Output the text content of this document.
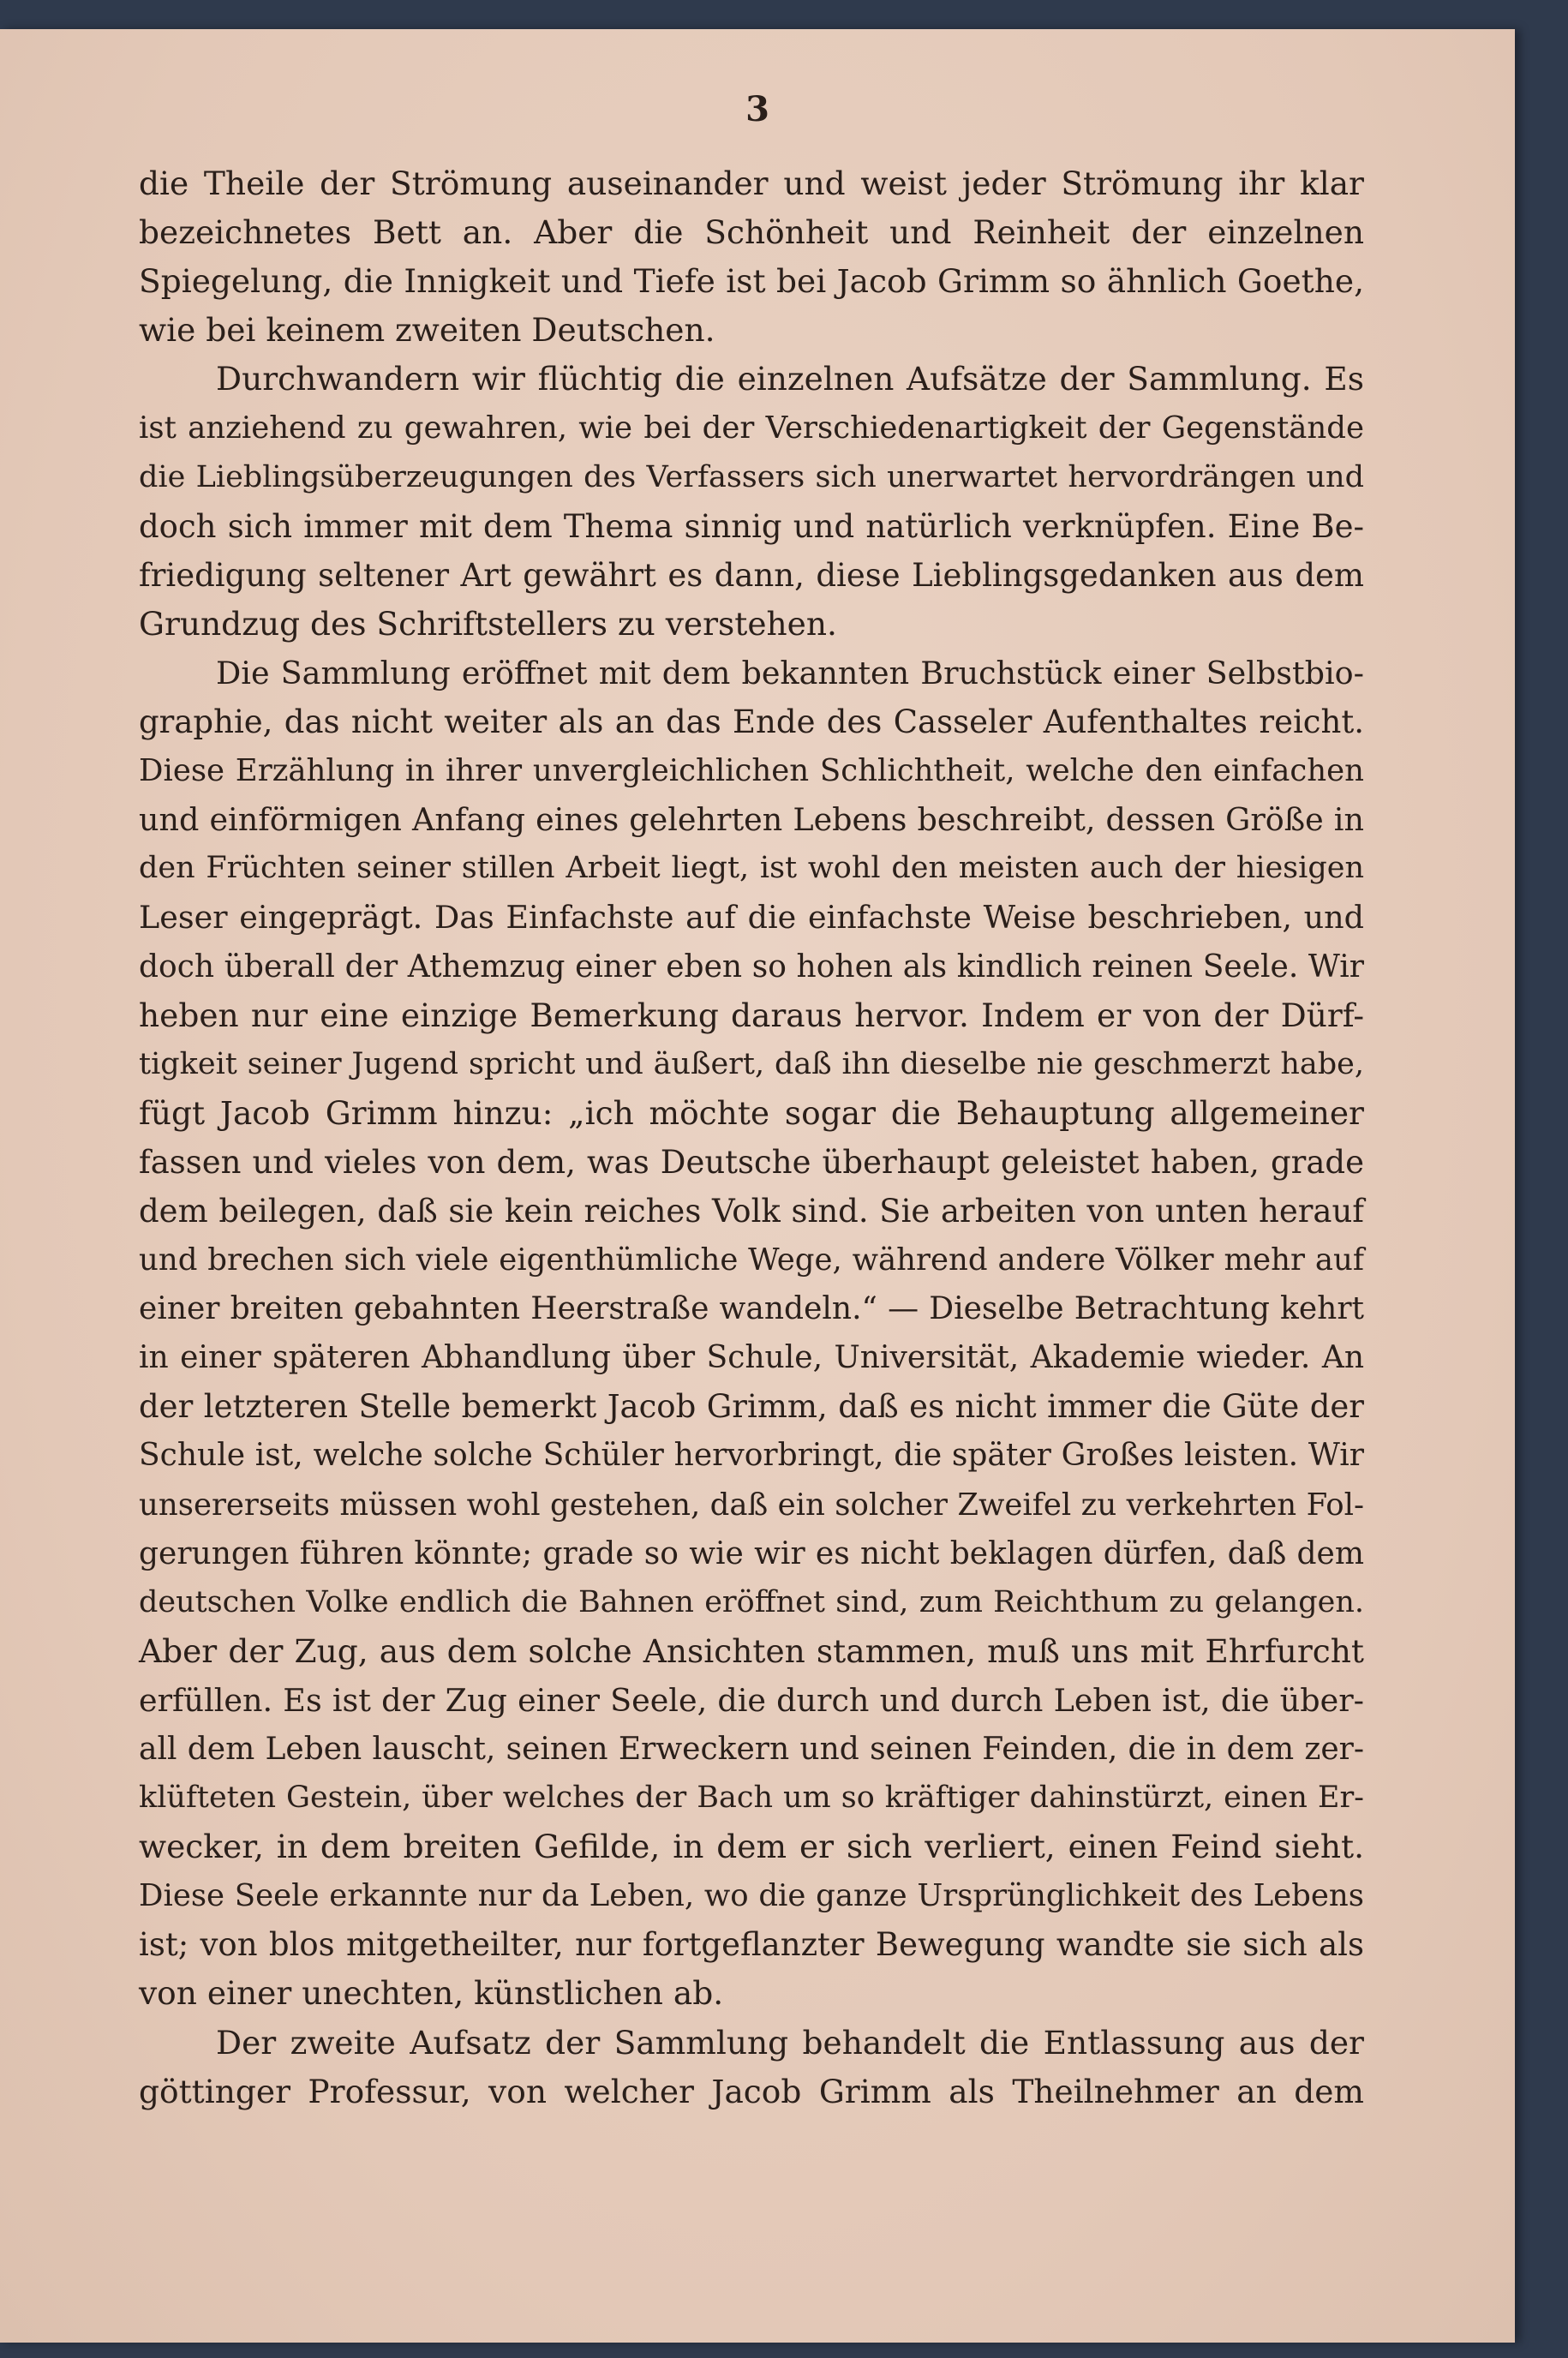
3
die Theile der Strömung auseinander und weist jeder Strömung ihr klar
bezeichnetes Bett an. Aber die Schönheit und Reinheit der einzelnen
Spiegelung, die Innigkeit und Tiefe ist bei Jacob Grimm so ähnlich Goethe,
wie bei keinem zweiten Deutschen.
Durchwandern wir flüchtig die einzelnen Aufsätze der Sammlung. Es
ist anziehend zu gewahren, wie bei der Verschiedenartigkeit der Gegenstände
die Lieblingsüberzeugungen des Verfassers sich unerwartet hervordrängen und
doch sich immer mit dem Thema sinnig und natürlich verknüpfen. Eine Be-
friedigung seltener Art gewährt es dann, diese Lieblingsgedanken aus dem
Grundzug des Schriftstellers zu verstehen.
Die Sammlung eröffnet mit dem bekannten Bruchstück einer Selbstbio-
graphie, das nicht weiter als an das Ende des Casseler Aufenthaltes reicht.
Diese Erzählung in ihrer unvergleichlichen Schlichtheit, welche den einfachen
und einförmigen Anfang eines gelehrten Lebens beschreibt, dessen Größe in
den Früchten seiner stillen Arbeit liegt, ist wohl den meisten auch der hiesigen
Leser eingeprägt. Das Einfachste auf die einfachste Weise beschrieben, und
doch überall der Athemzug einer eben so hohen als kindlich reinen Seele. Wir
heben nur eine einzige Bemerkung daraus hervor. Indem er von der Dürf-
tigkeit seiner Jugend spricht und äußert, daß ihn dieselbe nie geschmerzt habe,
fügt Jacob Grimm hinzu: „ich möchte sogar die Behauptung allgemeiner
fassen und vieles von dem, was Deutsche überhaupt geleistet haben, grade
dem beilegen, daß sie kein reiches Volk sind. Sie arbeiten von unten herauf
und brechen sich viele eigenthümliche Wege, während andere Völker mehr auf
einer breiten gebahnten Heerstraße wandeln.“ — Dieselbe Betrachtung kehrt
in einer späteren Abhandlung über Schule, Universität, Akademie wieder. An
der letzteren Stelle bemerkt Jacob Grimm, daß es nicht immer die Güte der
Schule ist, welche solche Schüler hervorbringt, die später Großes leisten. Wir
unsererseits müssen wohl gestehen, daß ein solcher Zweifel zu verkehrten Fol-
gerungen führen könnte; grade so wie wir es nicht beklagen dürfen, daß dem
deutschen Volke endlich die Bahnen eröffnet sind, zum Reichthum zu gelangen.
Aber der Zug, aus dem solche Ansichten stammen, muß uns mit Ehrfurcht
erfüllen. Es ist der Zug einer Seele, die durch und durch Leben ist, die über-
all dem Leben lauscht, seinen Erweckern und seinen Feinden, die in dem zer-
klüfteten Gestein, über welches der Bach um so kräftiger dahinstürzt, einen Er-
wecker, in dem breiten Gefilde, in dem er sich verliert, einen Feind sieht.
Diese Seele erkannte nur da Leben, wo die ganze Ursprünglichkeit des Lebens
ist; von blos mitgetheilter, nur fortgeflanzter Bewegung wandte sie sich als
von einer unechten, künstlichen ab.
Der zweite Aufsatz der Sammlung behandelt die Entlassung aus der
göttinger Professur, von welcher Jacob Grimm als Theilnehmer an dem
